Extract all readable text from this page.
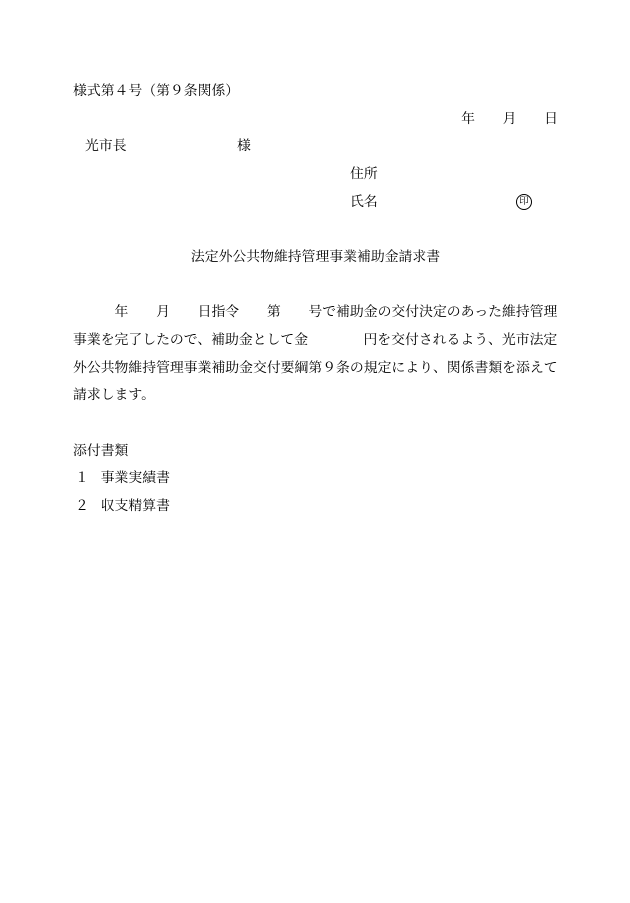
様式第４号（第９条関係）
年　　月　　日
光市長	様
住所
氏名	印
法定外公共物維持管理事業補助金請求書
　　　年　　月　　日指令　　第　　号で補助金の交付決定のあった維持管理
事業を完了したので、補助金として金　　　　円を交付されるよう、光市法定
外公共物維持管理事業補助金交付要綱第９条の規定により、関係書類を添えて
請求します。
添付書類
１ 事業実績書
２ 収支精算書
